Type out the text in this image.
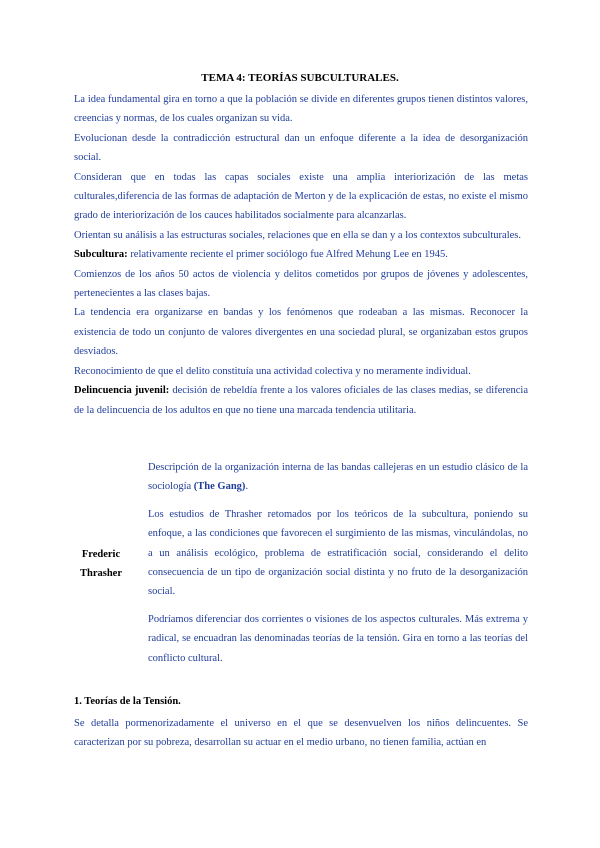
TEMA 4: TEORÍAS SUBCULTURALES.

La idea fundamental gira en torno a que la población se divide en diferentes grupos tienen distintos valores, creencias y normas, de los cuales organizan su vida.

Evolucionan desde la contradicción estructural dan un enfoque diferente a la idea de desorganización social.

Consideran que en todas las capas sociales existe una amplia interiorización de las metas culturales,diferencia de las formas de adaptación de Merton y de la explicación de estas, no existe el mismo grado de interiorización de los cauces habilitados socialmente para alcanzarlas.

Orientan su análisis a las estructuras sociales, relaciones que en ella se dan y a los contextos subculturales.

Subcultura: relativamente reciente el primer sociólogo fue Alfred Mehung Lee en 1945.

Comienzos de los años 50 actos de violencia y delitos cometidos por grupos de jóvenes y adolescentes, pertenecientes a las clases bajas.

La tendencia era organizarse en bandas y los fenómenos que rodeaban a las mismas. Reconocer la existencia de todo un conjunto de valores divergentes en una sociedad plural, se organizaban estos grupos desviados.

Reconocimiento de que el delito constituía una actividad colectiva y no meramente individual.

Delincuencia juvenil: decisión de rebeldía frente a los valores oficiales de las clases medias, se diferencia de la delincuencia de los adultos en que no tiene una marcada tendencia utilitaria.

Frederic
Thrasher

Descripción de la organización interna de las bandas callejeras en un estudio clásico de la sociología (The Gang).

Los estudios de Thrasher retomados por los teóricos de la subcultura, poniendo su enfoque, a las condiciones que favorecen el surgimiento de las mismas, vinculándolas, no a un análisis ecológico, problema de estratificación social, considerando el delito consecuencia de un tipo de organización social distinta y no fruto de la desorganización social.

Podríamos diferenciar dos corrientes o visiones de los aspectos culturales. Más extrema y radical, se encuadran las denominadas teorías de la tensión. Gira en torno a las teorías del conflicto cultural.

1. Teorías de la Tensión.

Se detalla pormenorizadamente el universo en el que se desenvuelven los niños delincuentes. Se caracterizan por su pobreza, desarrollan su actuar en el medio urbano, no tienen familia, actúan en
